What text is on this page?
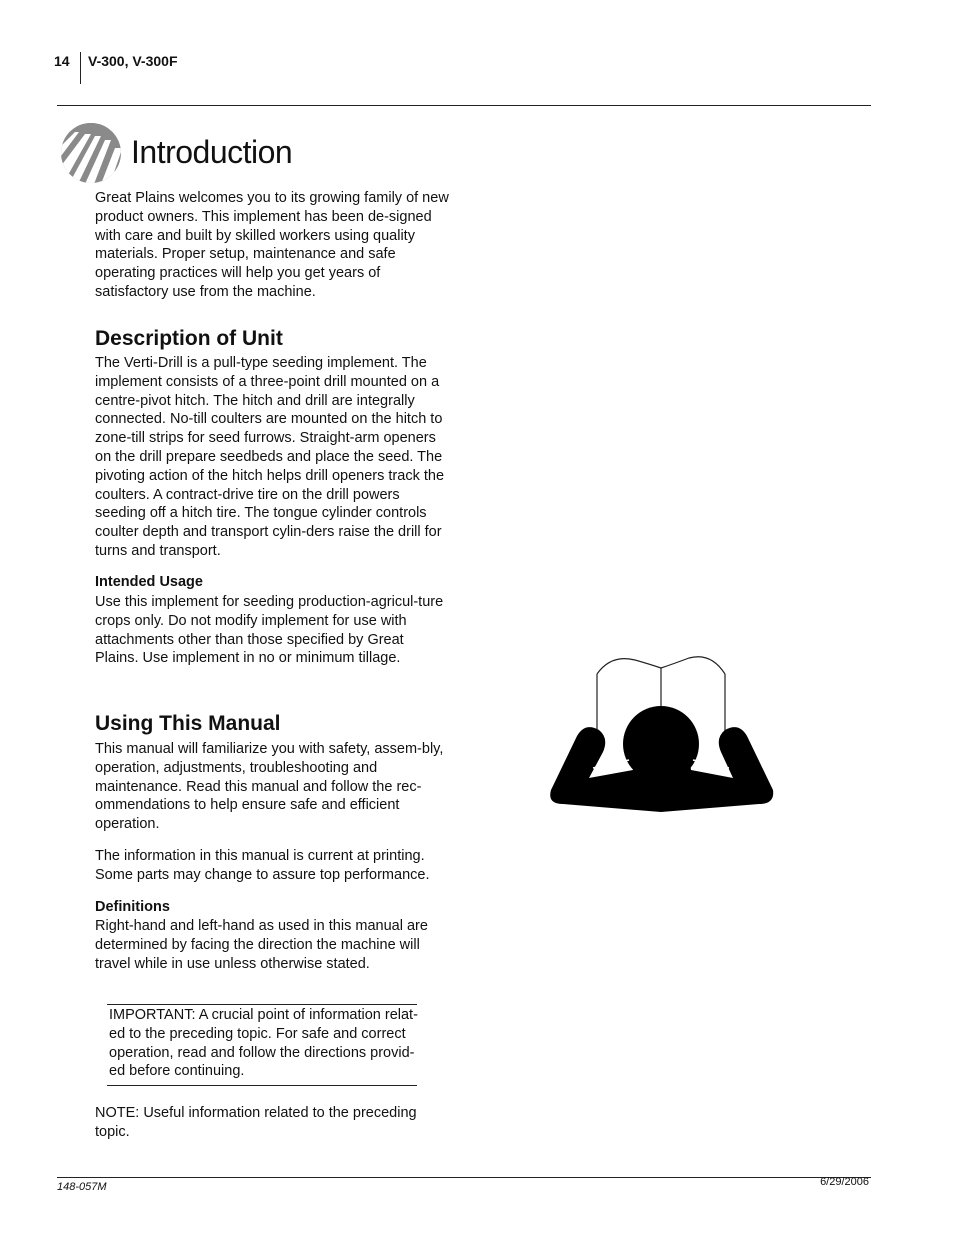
14 V-300, V-300F
Introduction
Great Plains welcomes you to its growing family of new product owners. This implement has been de-signed with care and built by skilled workers using quality materials. Proper setup, maintenance and safe operating practices will help you get years of satisfactory use from the machine.
Description of Unit
The Verti-Drill is a pull-type seeding implement. The implement consists of a three-point drill mounted on a centre-pivot hitch. The hitch and drill are integrally connected. No-till coulters are mounted on the hitch to zone-till strips for seed furrows. Straight-arm openers on the drill prepare seedbeds and place the seed. The pivoting action of the hitch helps drill openers track the coulters. A contract-drive tire on the drill powers seeding off a hitch tire. The tongue cylinder controls coulter depth and transport cylin-ders raise the drill for turns and transport.
Intended Usage
Use this implement for seeding production-agricul-ture crops only. Do not modify implement for use with attachments other than those specified by Great Plains. Use implement in no or minimum tillage.
Using This Manual
This manual will familiarize you with safety, assem-bly, operation, adjustments, troubleshooting and maintenance. Read this manual and follow the rec-ommendations to help ensure safe and efficient operation.
The information in this manual is current at printing. Some parts may change to assure top performance.
Definitions
Right-hand and left-hand as used in this manual are determined by facing the direction the machine will travel while in use unless otherwise stated.
IMPORTANT: A crucial point of information relat-ed to the preceding topic. For safe and correct operation, read and follow the directions provid-ed before continuing.
NOTE: Useful information related to the preceding topic.
148-057M	6/29/2006
